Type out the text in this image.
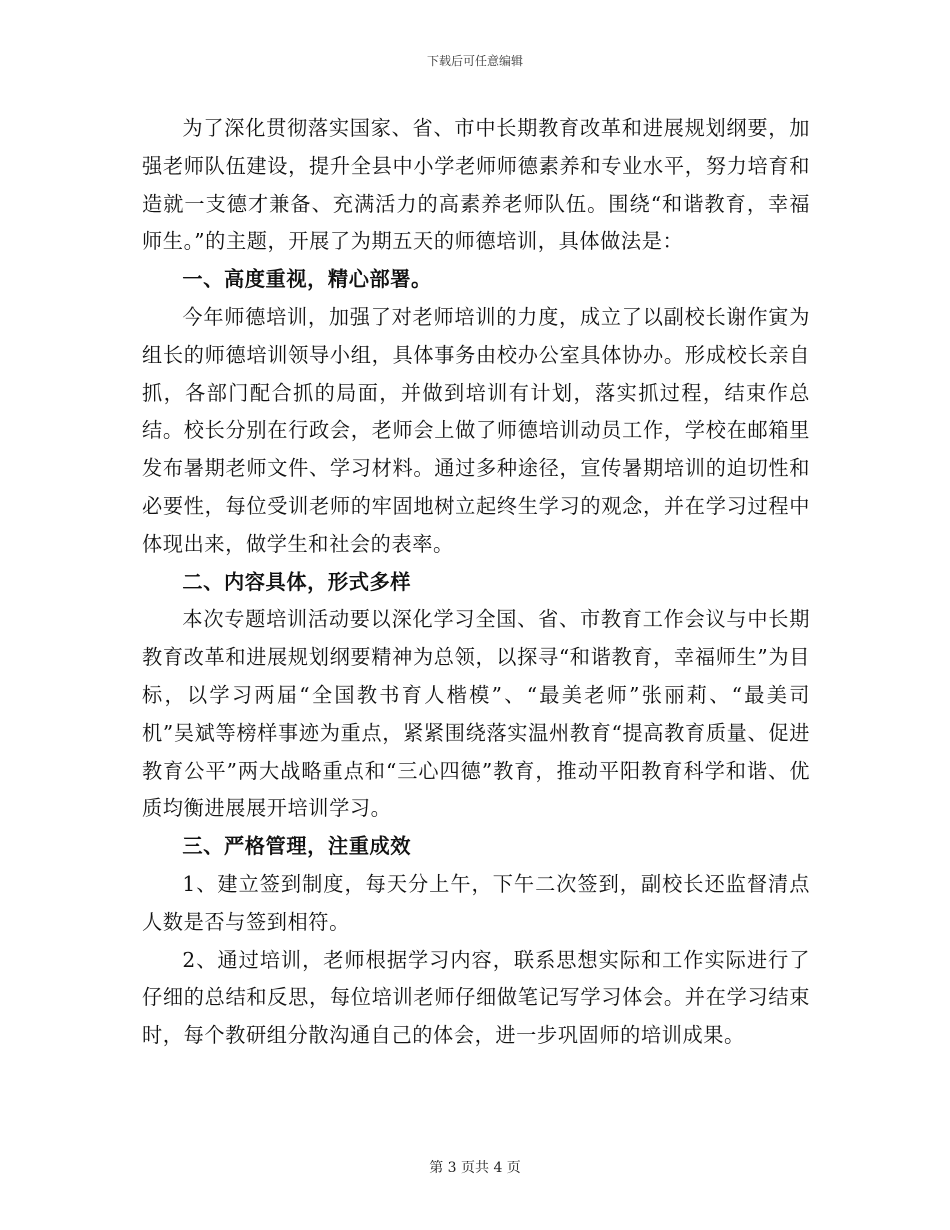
下载后可任意编辑

为了深化贯彻落实国家、省、市中长期教育改革和进展规划纲要，加强老师队伍建设，提升全县中小学老师师德素养和专业水平，努力培育和造就一支德才兼备、充满活力的高素养老师队伍。围绕“和谐教育，幸福师生。”的主题，开展了为期五天的师德培训，具体做法是：

一、高度重视，精心部署。

今年师德培训，加强了对老师培训的力度，成立了以副校长谢作寅为组长的师德培训领导小组，具体事务由校办公室具体协办。形成校长亲自抓，各部门配合抓的局面，并做到培训有计划，落实抓过程，结束作总结。校长分别在行政会，老师会上做了师德培训动员工作，学校在邮箱里发布暑期老师文件、学习材料。通过多种途径，宣传暑期培训的迫切性和必要性，每位受训老师的牢固地树立起终生学习的观念，并在学习过程中体现出来，做学生和社会的表率。

二、内容具体，形式多样

本次专题培训活动要以深化学习全国、省、市教育工作会议与中长期教育改革和进展规划纲要精神为总领，以探寻“和谐教育，幸福师生”为目标，以学习两届“全国教书育人楷模”、“最美老师”张丽莉、“最美司机”吴斌等榜样事迹为重点，紧紧围绕落实温州教育“提高教育质量、促进教育公平”两大战略重点和“三心四德”教育，推动平阳教育科学和谐、优质均衡进展展开培训学习。

三、严格管理，注重成效

1、建立签到制度，每天分上午，下午二次签到，副校长还监督清点人数是否与签到相符。

2、通过培训，老师根据学习内容，联系思想实际和工作实际进行了仔细的总结和反思，每位培训老师仔细做笔记写学习体会。并在学习结束时，每个教研组分散沟通自己的体会，进一步巩固师的培训成果。

第 3 页共 4 页
